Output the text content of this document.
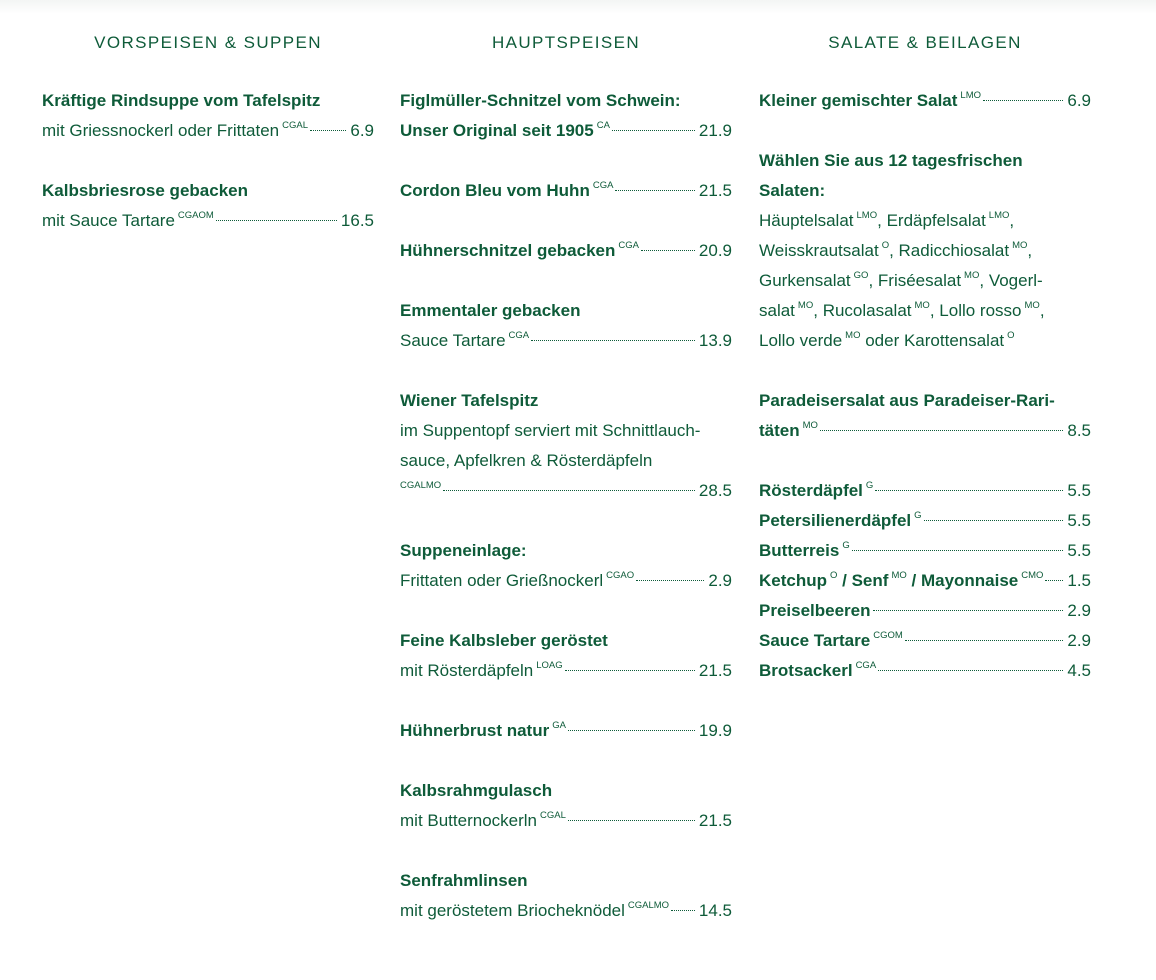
VORSPEISEN & SUPPEN
Kräftige Rindsuppe vom Tafelspitz
mit Griessnockerl oder Frittaten $^{CGAL}$ 6.9
Kalbsbriesrose gebacken
mit Sauce Tartare $^{CGAOM}$	16.5
HAUPTSPEISEN
Figlmüller-Schnitzel vom Schwein:
Unser Original seit 1905 $^{CA}$	21.9
Cordon Bleu vom Huhn $^{CGA}$	21.5
Hühnerschnitzel gebacken $^{CGA}$	20.9
Emmentaler gebacken
Sauce Tartare $^{CGA}$	13.9
Wiener Tafelspitz
im Suppentopf serviert mit Schnittlauch-
sauce, Apfelkren & Rösterdäpfeln
$^{CGALMO}$	28.5
Suppeneinlage:
Frittaten oder Grießnockerl $^{CGAO}$	2.9
Feine Kalbsleber geröstet
mit Rösterdäpfeln $^{LOAG}$	21.5
Hühnerbrust natur $^{GA}$	19.9
Kalbsrahmgulasch
mit Butternockerln $^{CGAL}$	21.5
Senfrahmlinsen
mit geröstetem Briocheknödel $^{CGALMO}$ 14.5
SALATE & BEILAGEN
Kleiner gemischter Salat $^{LMO}$	6.9
Wählen Sie aus 12 tagesfrischen
Salaten:
Häuptelsalat $^{LMO}$, Erdäpfelsalat $^{LMO}$,
Weisskrautsalat $^O$, Radicchiosalat $^{MO}$,
Gurkensalat $^{GO}$, Friséesalat $^{MO}$, Vogerl-
salat $^{MO}$, Rucolasalat $^{MO}$, Lollo rosso $^{MO}$,
Lollo verde $^{MO}$ oder Karottensalat $^O$
Paradeisersalat aus Paradeiser-Rari-
täten $^{MO}$	8.5
Rösterdäpfel $^G$	5.5
Petersilienerdäpfel $^G$	5.5
Butterreis $^G$	5.5
Ketchup $^O$ / Senf $^{MO}$ / Mayonnaise $^{CMO}$ 1.5
Preiselbeeren	2.9
Sauce Tartare $^{CGOM}$	2.9
Brotsackerl $^{CGA}$	4.5
